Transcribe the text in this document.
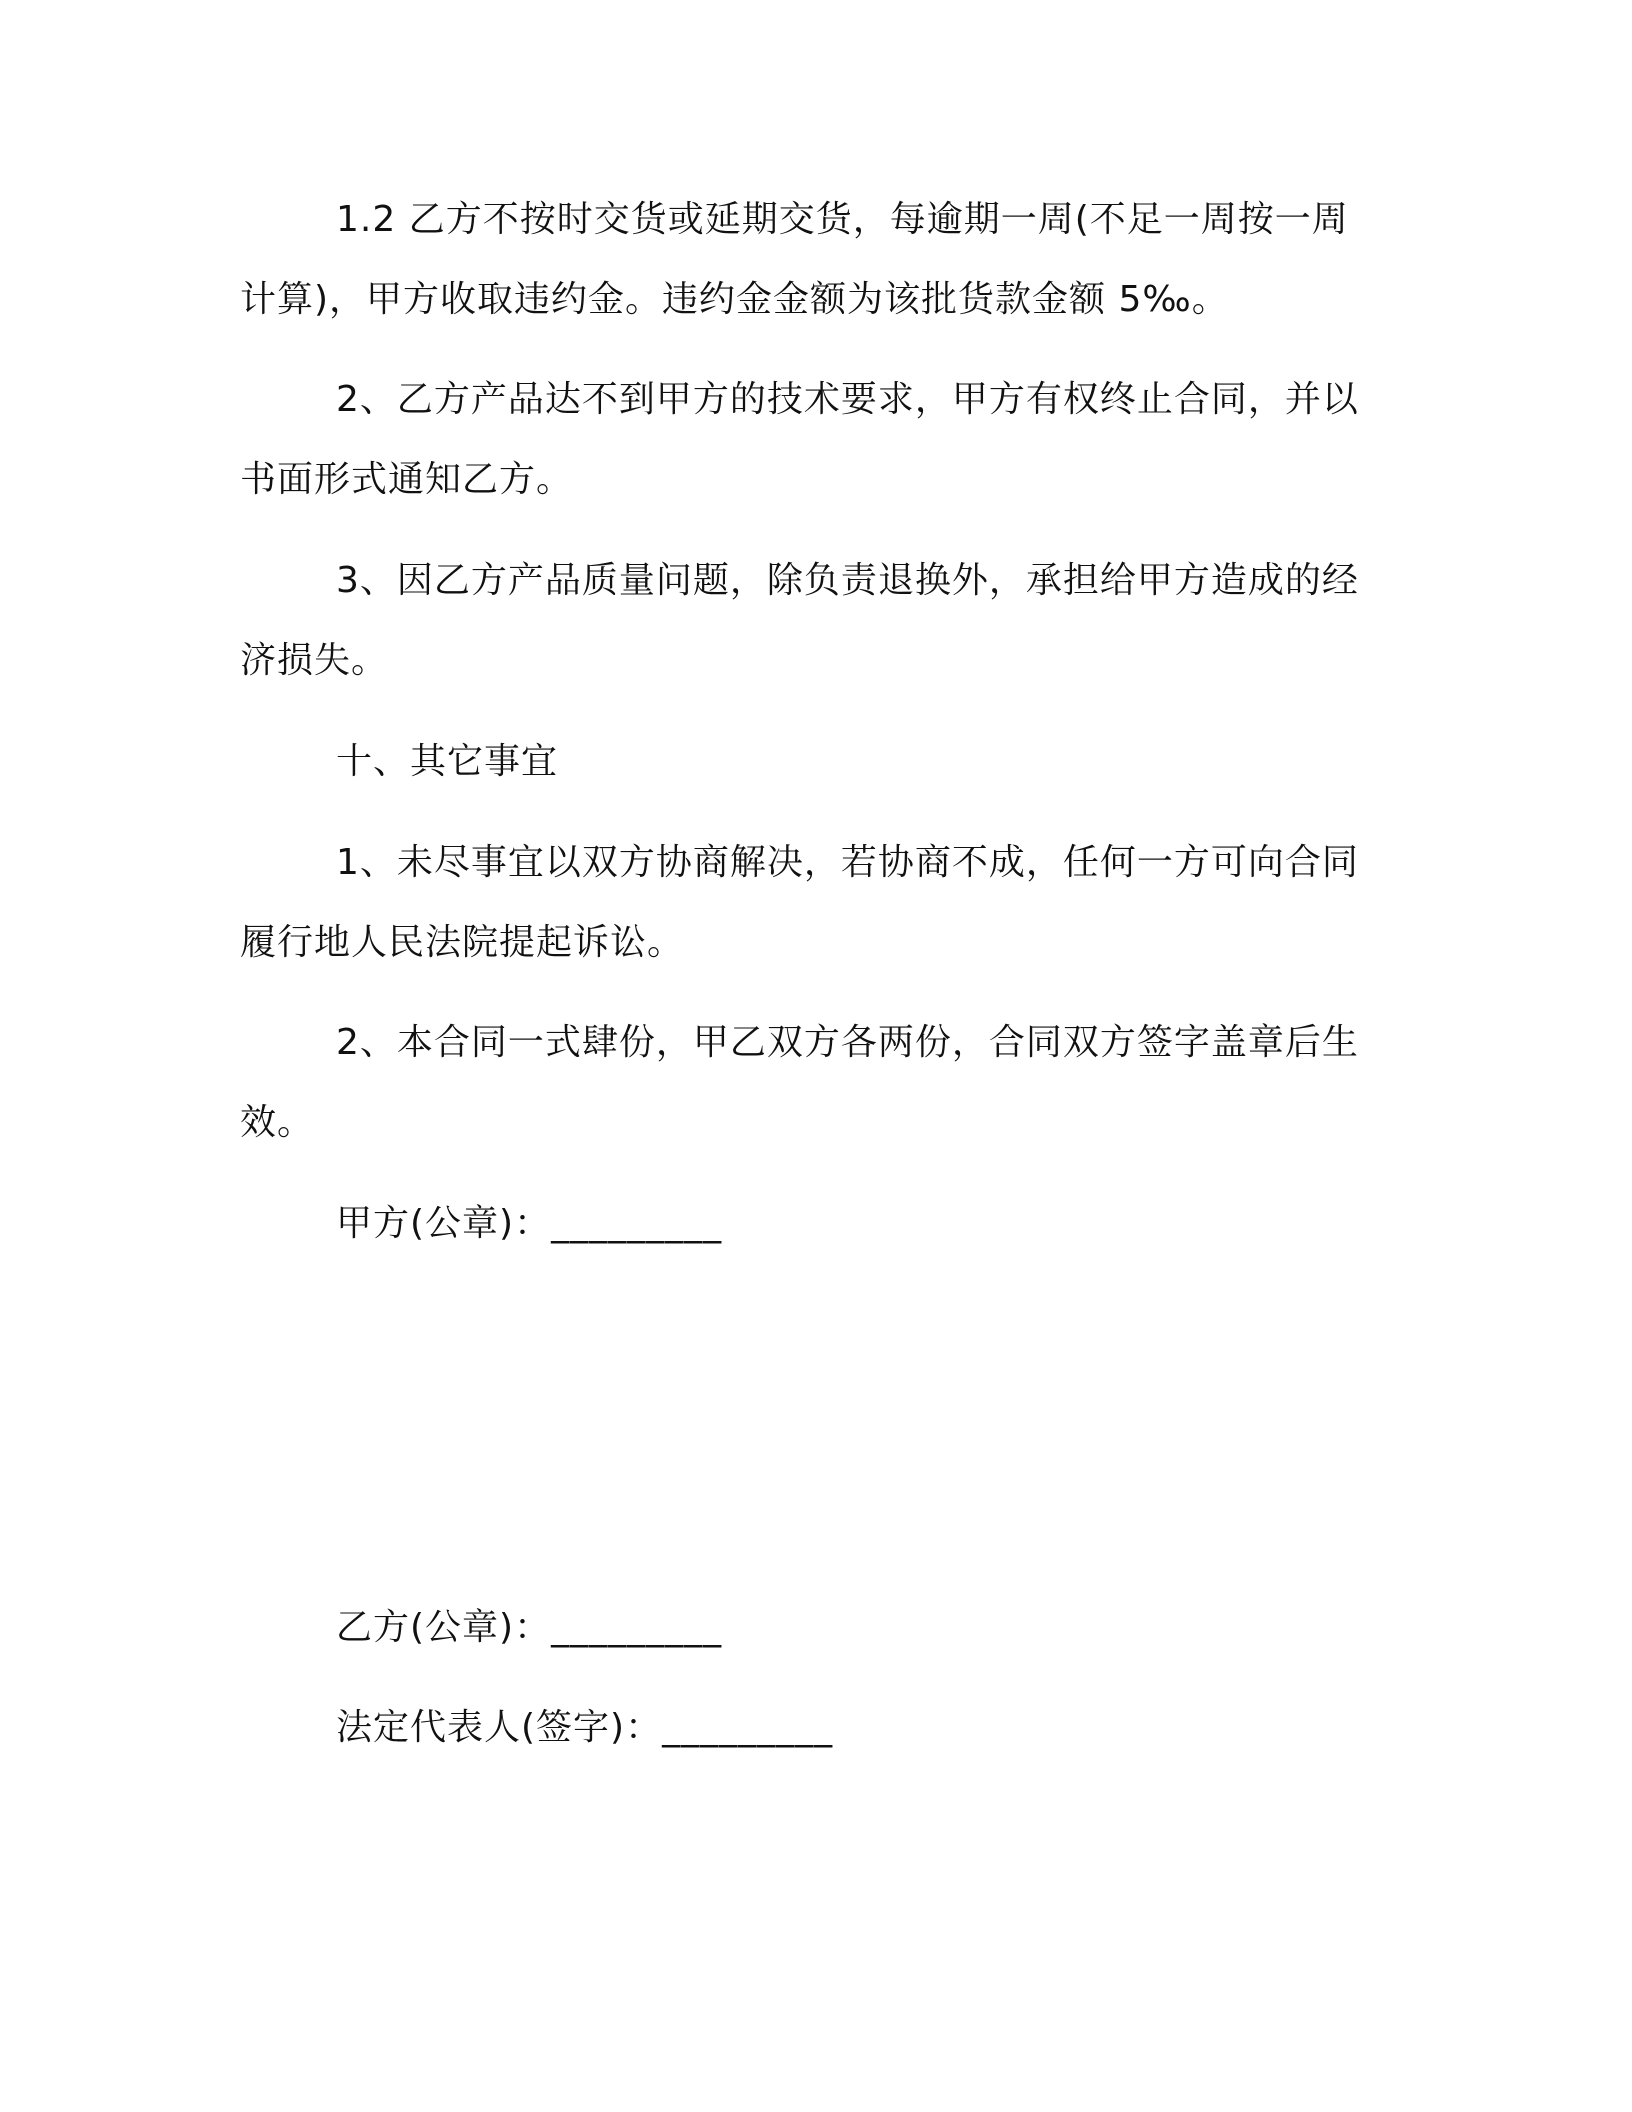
1.2 乙方不按时交货或延期交货，每逾期一周(不足一周按一周计算)，甲方收取违约金。违约金金额为该批货款金额 5‰。

2、乙方产品达不到甲方的技术要求，甲方有权终止合同，并以书面形式通知乙方。

3、因乙方产品质量问题，除负责退换外，承担给甲方造成的经济损失。

十、其它事宜

1、未尽事宜以双方协商解决，若协商不成，任何一方可向合同履行地人民法院提起诉讼。

2、本合同一式肆份，甲乙双方各两份，合同双方签字盖章后生效。

甲方(公章)：_________

乙方(公章)：_________

法定代表人(签字)：_________
